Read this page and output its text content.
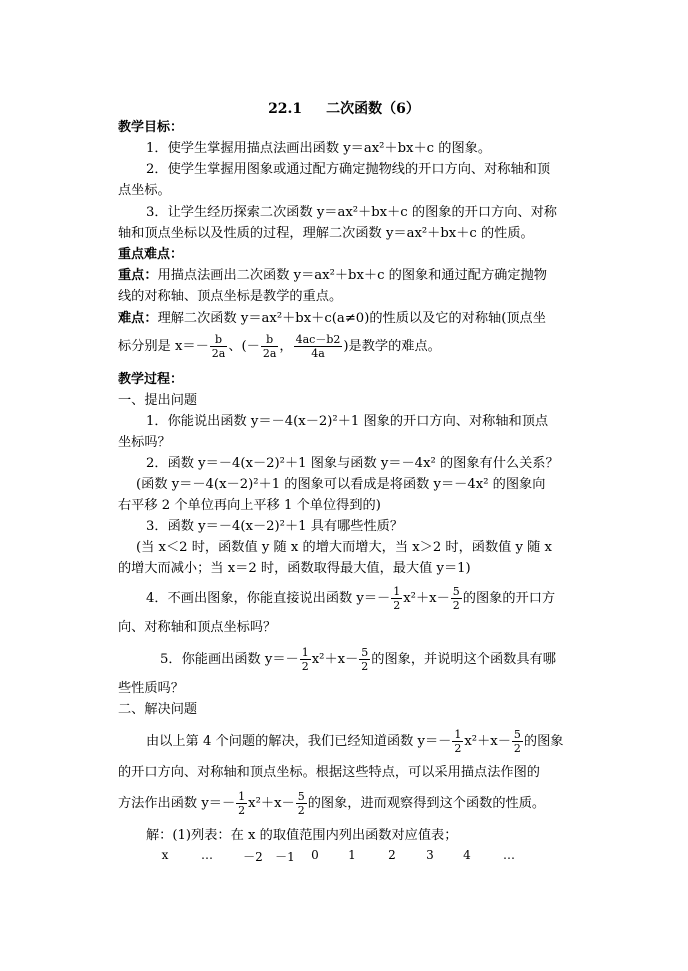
22.1 二次函数（6）
教学目标：
1．使学生掌握用描点法画出函数 y＝ax²＋bx＋c 的图象。
2．使学生掌握用图象或通过配方确定抛物线的开口方向、对称轴和顶
点坐标。
3．让学生经历探索二次函数 y＝ax²＋bx＋c 的图象的开口方向、对称
轴和顶点坐标以及性质的过程，理解二次函数 y＝ax²＋bx＋c 的性质。
重点难点：
重点：用描点法画出二次函数 y＝ax²＋bx＋c 的图象和通过配方确定抛物
线的对称轴、顶点坐标是教学的重点。
难点：理解二次函数 y＝ax²＋bx＋c(a≠0)的性质以及它的对称轴(顶点坐
标分别是 $x=- \frac{b}{2a}$ 、(－ $\frac{b}{2a}$ ， $\frac{4ac-b2}{4a}$ )是教学的难点。
教学过程：
一、提出问题
1．你能说出函数 y＝－4(x－2)²＋1 图象的开口方向、对称轴和顶点
坐标吗？
2．函数 y＝－4(x－2)²＋1 图象与函数 y＝－4x² 的图象有什么关系？
(函数 y＝－4(x－2)²＋1 的图象可以看成是将函数 y＝－4x² 的图象向
右平移 2 个单位再向上平移 1 个单位得到的)
3．函数 y＝－4(x－2)²＋1 具有哪些性质？
(当 x＜2 时，函数值 y 随 x 的增大而增大，当 x＞2 时，函数值 y 随 x
的增大而减小；当 x＝2 时，函数取得最大值，最大值 y＝1)
4．不画出图象，你能直接说出函数 $y=- \frac{1}{2} x^2+x- \frac{5}{2}$ 的图象的开口方
向、对称轴和顶点坐标吗？
5．你能画出函数 $y=- \frac{1}{2} x^2+x- \frac{5}{2}$ 的图象，并说明这个函数具有哪
些性质吗？
二、解决问题
由以上第 4 个问题的解决，我们已经知道函数 $y=- \frac{1}{2} x^2+x- \frac{5}{2}$ 的图象
的开口方向、对称轴和顶点坐标。根据这些特点，可以采用描点法作图的
方法作出函数 $y=- \frac{1}{2} x^2+x- \frac{5}{2}$ 的图象，进而观察得到这个函数的性质。
解：(1)列表：在 x 的取值范围内列出函数对应值表；
x	…	－2	－1	0	1	2	3	4	…
